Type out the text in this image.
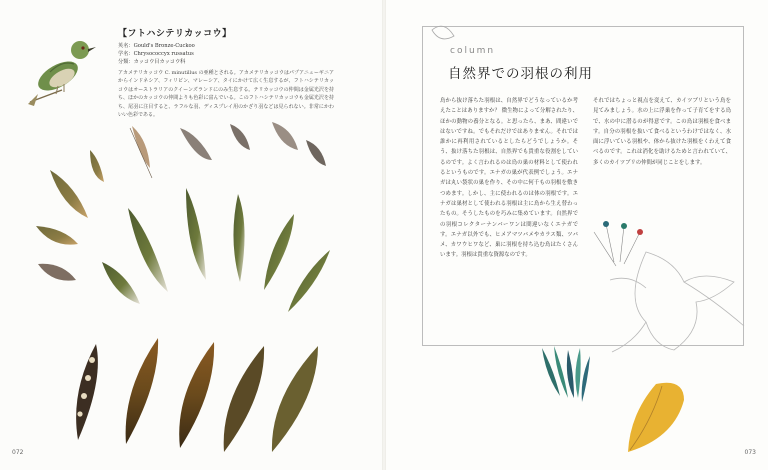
【フトハシテリカッコウ】
英名：Gould's Bronze-Cuckoo
学名：Chrysococcyx russatus
分類：カッコウ目カッコウ科
アカメテリカッコウ C. minutillus の亜種とされる。アカメテリカッコウはパプアニューギニアからインドネシア、フィリピン、マレーシア、タイにかけて広く生息するが、フトハシテリカッコウはオーストラリアのクイーンズランドにのみ生息する。テリカッコウの仲間は金属光沢を持ち、ほかのカッコウの仲間よりも色彩に富んでいる。このフトハシテリカッコウも金属光沢を持ち、尾羽に注目すると、ラフルな羽、ディスプレイ用のかざり羽などは見られない。非常にかわいい色彩である。
072
column
自然界での羽根の利用
鳥から抜け落ちた羽根は、自然界でどうなっているか考えたことはありますか？ 微生物によって分解されたり、ほかの動物の養分となる。と思ったら、まあ、間違いではないですね。でもそれだけではありません。それでは誰かに再利用されているとしたらどうでしょうか。そう、抜け落ちた羽根は、自然界でも貴重な役割をしているのです。よく言われるのは鳥の巣の材料として使われるというものです。エナガの巣が代表例でしょう。エナガは丸い袋状の巣を作り、その中に何千もの羽根を敷きつめます。しかし、主に使われるのは体の羽根です。エナガは巣材として使われる羽根は主に鳥から生え替わったもの。そうしたものを巧みに集めています。自然界での羽根コレクターナンバーワンは間違いなくエナガです。エナガ以外でも、ヒメアマツバメやカラス類、ツバメ、カワウヒワなど、巣に羽根を持ち込む鳥はたくさんいます。羽根は貴重な資源なのです。
それではちょっと視点を変えて、カイツブリという鳥を見てみましょう。水の上に浮巣を作って子育てをする鳥で、水の中に潜るのが得意です。この鳥は羽根を食べます。自分の羽根を抜いて食べるというわけではなく、水面に浮いている羽根や、体から抜けた羽根をくわえて食べるのです。これは消化を助けるためと言われていて、多くのカイツブリの仲間が同じことをします。
073
